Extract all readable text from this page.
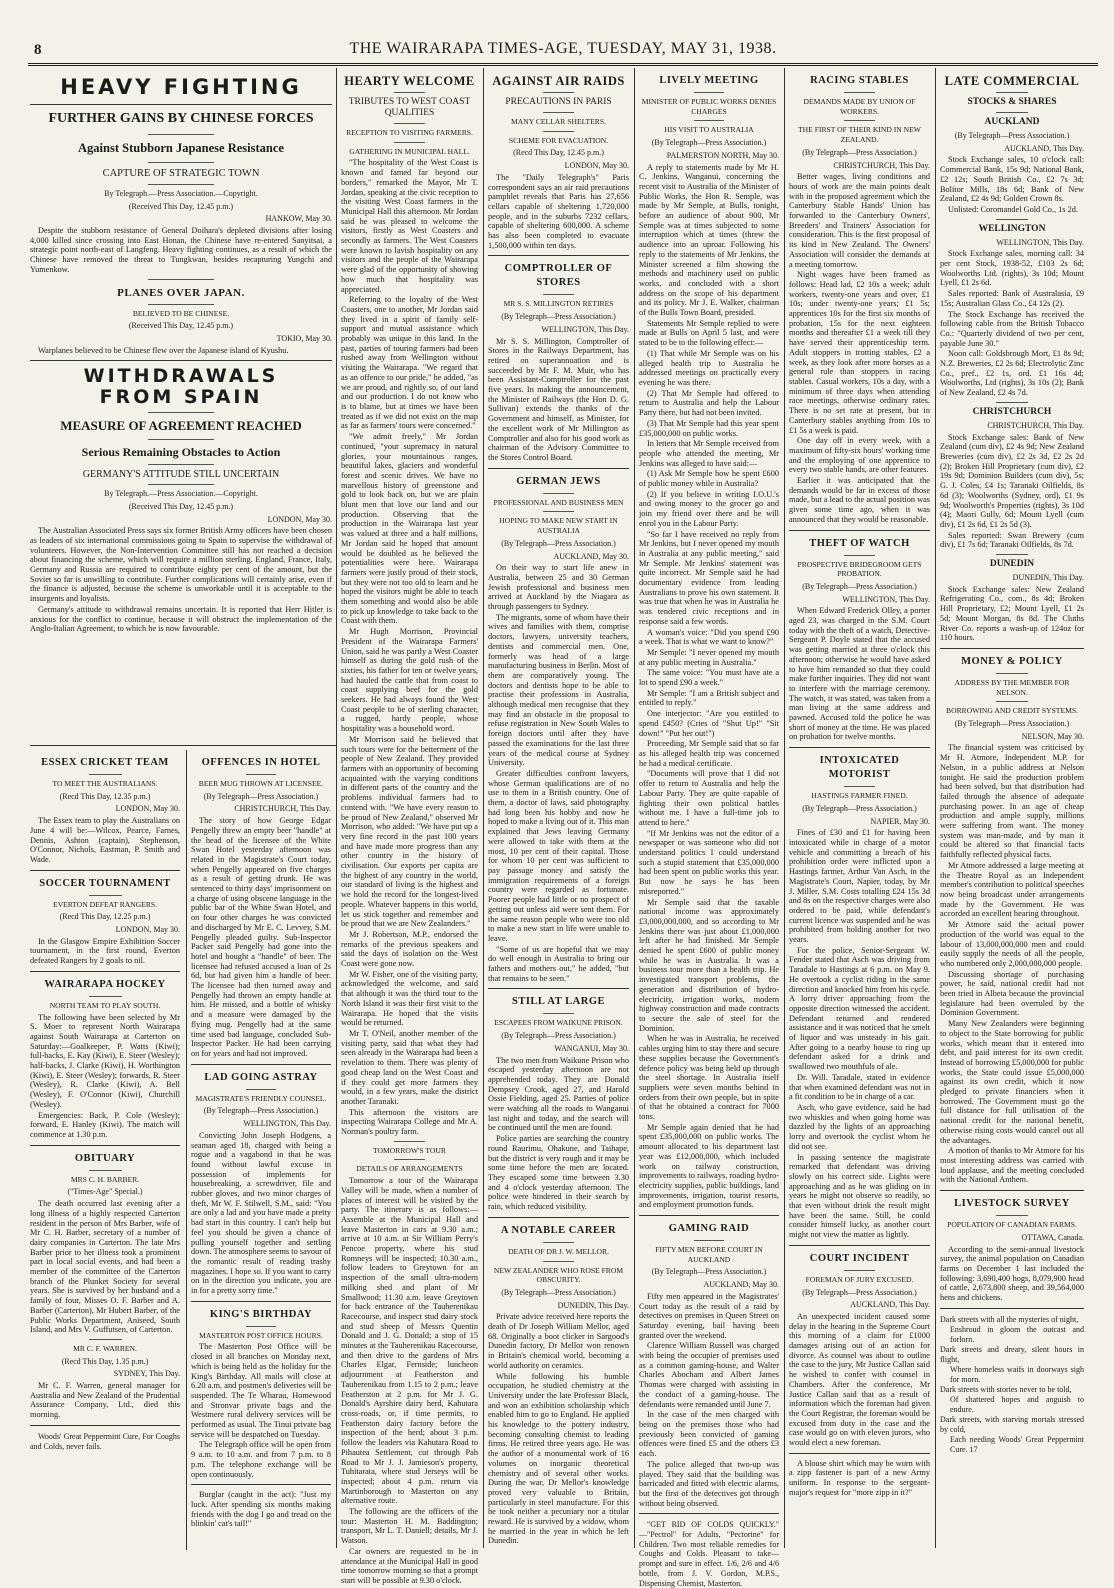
8	THE WAIRARAPA TIMES-AGE, TUESDAY, MAY 31, 1938.
HEAVY FIGHTING
FURTHER GAINS BY CHINESE FORCES
Against Stubborn Japanese Resistance
CAPTURE OF STRATEGIC TOWN
By Telegraph.—Press Association.—Copyright.

(Received This Day, 12.45 p.m.)

HANKOW, May 30.

Despite the stubborn resistance of General Doihara's depleted divisions after losing 4,000 killed since crossing into East Honan, the Chinese have re-entered Sanyitsai, a strategic point north-east of Langfeng. Heavy fighting continues, as a result of which the Chinese have removed the threat to Tungkwan, besides recapturing Yungchi and Yumenkow.

PLANES OVER JAPAN.
BELIEVED TO BE CHINESE.

(Received This Day, 12.45 p.m.)

TOKIO, May 30.

Warplanes believed to be Chinese flew over the Japanese island of Kyushu.

WITHDRAWALS FROM SPAIN
MEASURE OF AGREEMENT REACHED
Serious Remaining Obstacles to Action
GERMANY'S ATTITUDE STILL UNCERTAIN
By Telegraph.—Press Association.—Copyright.

(Received This Day, 12.45 p.m.)

LONDON, May 30.

The Australian Associated Press says six former British Army officers have been chosen as leaders of six international commissions going to Spain to supervise the withdrawal of volunteers. However, the Non-Intervention Committee still has not reached a decision about financing the scheme, which will require a million sterling. England, France, Italy, Germany and Russia are required to contribute eighty per cent of the amount, but the Soviet so far is unwilling to contribute. Further complications will certainly arise, even if the finance is adjusted, because the scheme is unworkable until it is acceptable to the insurgents and loyalists.

Germany's attitude to withdrawal remains uncertain. It is reported that Herr Hitler is anxious for the conflict to continue, because it will obstruct the implementation of the Anglo-Italian Agreement, to which he is now favourable.

ESSEX CRICKET TEAM
TO MEET THE AUSTRALIANS.

(Recd This Day, 12.35 p.m.)

LONDON, May 30.

The Essex team to play the Australians on June 4 will be:—Wilcox, Pearce, Farnes, Dennis, Ashton (captain), Stephenson, O'Connor, Nichols, Eastman, P. Smith and Wade.

SOCCER TOURNAMENT
EVERTON DEFEAT RANGERS.

(Recd This Day, 12.25 p.m.)

LONDON, May 30.

In the Glasgow Empire Exhibition Soccer tournament, in the first round, Everton defeated Rangers by 2 goals to nil.

WAIRARAPA HOCKEY
NORTH TEAM TO PLAY SOUTH.

The following have been selected by Mr S. Moer to represent North Wairarapa against South Wairarapa at Carterton on Saturday:—Goalkeeper, P. Watts (Kiwi); full-backs, E. Kay (Kiwi), E. Steer (Wesley); half-backs, J. Clarke (Kiwi), H. Worthington (Kiwi), E. Steer (Wesley); forwards, R. Steer (Wesley), R. Clarke (Kiwi), A. Bell (Wesley), F. O'Connor (Kiwi), Churchill (Wesley).

Emergencies: Back, P. Cole (Wesley); forward, E. Hanley (Kiwi). The match will commence at 1.30 p.m.

OBITUARY
MRS C. H. BARBER.

("Times-Age" Special.)

The death occurred last evening after a long illness of a highly respected Carterton resident in the person of Mrs Barber, wife of Mr C. H. Barber, secretary of a number of dairy companies in Carterton. The late Mrs Barber prior to her illness took a prominent part in local social events, and had been a member of the committee of the Carterton branch of the Plunket Society for several years. She is survived by her husband and a family of four, Misses O. F. Barber and A. Barber (Carterton), Mr Hubert Barber, of the Public Works Department, Aniseed, South Island, and Mrs V. Guffutsen, of Carterton.

MR C. F. WARREN.

(Recd This Day, 1.35 p.m.)

SYDNEY, This Day.

Mr C. F. Warren, general manager for Australia and New Zealand of the Prudential Assurance Company, Ltd., died this morning.

Woods' Great Peppermint Cure, For Coughs and Colds, never fails.

OFFENCES IN HOTEL
BEER MUG THROWN AT LICENSEE.

(By Telegraph—Press Association.)

CHRISTCHURCH, This Day.

The story of how George Edgar Pengelly threw an empty beer "handle" at the head of the licensee of the White Swan Hotel yesterday afternoon was related in the Magistrate's Court today, when Pengelly appeared on five charges as a result of getting drunk. He was sentenced to thirty days' imprisonment on a charge of using obscene language in the public bar of the White Swan Hotel, and on four other charges he was convicted and discharged by Mr E. C. Levvey, S.M. Pengelly pleaded guilty. Sub-Inspector Packer said Pengelly had gone into the hotel and bought a "handle" of beer. The licensee had refused accused a loan of 2s 6d, but had given him a handle of beer. The licensee had then turned away and Pengelly had thrown an empty handle at him. He missed, and a bottle of whisky and a measure were damaged by the flying mug. Pengelly had at the same time used bad language, concluded Sub-Inspector Packer. He had been carrying on for years and had not improved.

LAD GOING ASTRAY
MAGISTRATE'S FRIENDLY COUNSEL.

(By Telegraph—Press Association.)

WELLINGTON, This Day.

Convicting John Joseph Hodgens, a seaman aged 18, charged with being a rogue and a vagabond in that he was found without lawful excuse in possession of implements for housebreaking, a screwdriver, file and rubber gloves, and two minor charges of theft, Mr W. F. Stilwell, S.M., said: "You are only a lad and you have made a pretty bad start in this country. I can't help but feel you should be given a chance of pulling yourself together and settling down. The atmosphere seems to savour of the romantic result of reading trashy magazines. I hope so. If you want to carry on in the direction you indicate, you are in for a pretty sorry time."

KING'S BIRTHDAY
MASTERTON POST OFFICE HOURS.

The Masterton Post Office will be closed in all branches on Monday next, which is being held as the holiday for the King's Birthday. All mails will close at 6.20 a.m. and postmen's deliveries will be suspended. The Te Wharau, Homewood and Stronvar private bags and the Westmere rural delivery services will be performed as usual. The Tinui private bag service will be despatched on Tuesday.

The Telegraph office will be open from 9 a.m. to 10 a.m. and from 7 p.m. to 8 p.m. The telephone exchange will be open continuously.

Burglar (caught in the act): "Just my luck. After spending six months making friends with the dog I go and tread on the blinkin' cat's tail!"

HEARTY WELCOME
TRIBUTES TO WEST COAST QUALITIES
RECEPTION TO VISITING FARMERS.
GATHERING IN MUNICIPAL HALL.

"The hospitality of the West Coast is known and famed far beyond our borders," remarked the Mayor, Mr T. Jordan, speaking at the civic reception to the visiting West Coast farmers in the Municipal Hall this afternoon. Mr Jordan said he was pleased to welcome the visitors, firstly as West Coasters and secondly as farmers. The West Coasters were known to lavish hospitality on any visitors and the people of the Wairarapa were glad of the opportunity of showing how much that hospitality was appreciated.

Referring to the loyalty of the West Coasters, one to another, Mr Jordan said they lived in a spirit of family self-support and mutual assistance which probably was unique in this land. In the past, parties of touring farmers had been rushed away from Wellington without visiting the Wairarapa. "We regard that as an offence to our pride," he added, "as we are proud, and rightly so, of our land and our production. I do not know who is to blame, but at times we have been treated as if we did not exist on the map as far as farmers' tours were concerned."

"We admit freely," Mr Jordan continued, "your supremacy in natural glories, your mountainous ranges, beautiful lakes, glaciers and wonderful forest and scenic drives. We have no marvellous history of greenstone and gold to look back on, but we are plain blunt men that love our land and our production. Observing that the production in the Wairarapa last year was valued at three and a half millions, Mr Jordan said he hoped that amount would be doubled as he believed the potentialities were here. Wairarapa farmers were justly proud of their stock, but they were not too old to learn and he hoped the visitors might be able to teach them something and would also be able to pick up knowledge to take back to the Coast with them.

Mr Hugh Morrison, Provincial President of the Wairarapa Farmers' Union, said he was partly a West Coaster himself as during the gold rush of the sixties, his father for ten or twelve years, had hauled the cattle that from coast to coast supplying beef for the gold seekers. He had always found the West Coast people to be of sterling character, a rugged, hardy people, whose hospitality was a household word.

Mr Morrison said he believed that such tours were for the betterment of the people of New Zealand. They provided farmers with an opportunity of becoming acquainted with the varying conditions in different parts of the country and the problems individual farmers had to contend with. "We have every reason to be proud of New Zealand," observed Mr Morrison, who added: "We have put up a very fine record in the past 100 years and have made more progress than any other country in the history of civilisation. Our exports per capita are the highest of any country in the world, our standard of living is the highest and we hold the record for the longest-lived people. Whatever happens in this world, let us stick together and remember and be proud that we are New Zealanders."

Mr J. Robertson, M.P., endorsed the remarks of the previous speakers and said the days of isolation on the West Coast were gone now.

Mr W. Fisher, one of the visiting party, acknowledged the welcome, and said that although it was the third tour to the North Island it was their first visit to the Wairarapa. He hoped that the visits would be returned.

Mr T. O'Neil, another member of the visiting party, said that what they had seen already in the Wairarapa had been a revelation to them. There was plenty of good cheap land on the West Coast and if they could get more farmers they would, in a few years, make the district another Taranaki.

This afternoon the visitors are inspecting Wairarapa College and Mr A. Norman's poultry farm.

TOMORROW'S TOUR
DETAILS OF ARRANGEMENTS

Tomorrow a tour of the Wairarapa Valley will be made, when a number of places of interest will be visited by the party. The itinerary is as follows:—Assemble at the Municipal Hall and leave Masterton in cars at 9.30 a.m.; arrive at 10 a.m. at Sir William Perry's Pencoe property, where his stud Romneys will be inspected; 10.30 a.m., follow leaders to Greytown for an inspection of the small ultra-modern milking shed and plant of Mr Smallwood; 11.30 a.m. leave Greytown for back entrance of the Tauherenikau Racecourse, and inspect stud dairy stock and stud sheep of Messrs Quentin Donald and J. G. Donald; a stop of 15 minutes at the Tauherenikau Racecourse, and then drive to the gardens of Mrs Charles Elgar, Fernside; luncheon adjournment at Featherston and Tauherenikau from 1.15 to 2 p.m.; leave Featherston at 2 p.m. for Mr J. G. Donald's Ayrshire dairy herd, Kahutara cross-roads, or, if time permits, to Featherston dairy factory before the inspection of the herd; about 3 p.m. follow the leaders via Kahutara Road to Pihautea Settlement, cut through Pah Road to Mr J. J. Jamieson's property, Tuhitarata, where stud Jerseys will be inspected; about 4 p.m. return via Martinborough to Masterton on any alternative route.

The following are the officers of the tour: Masterton H. M. Baddington; transport, Mr L. T. Daniell; details, Mr J. Watson.

Car owners are requested to be in attendance at the Municipal Hall in good time tomorrow morning so that a prompt start will be possible at 9.30 o'clock.

AGAINST AIR RAIDS
PRECAUTIONS IN PARIS
MANY CELLAR SHELTERS.
SCHEME FOR EVACUATION.

(Recd This Day, 12.45 p.m.)

LONDON, May 30.

The "Daily Telegraph's" Paris correspondent says an air raid precautions pamphlet reveals that Paris has 27,656 cellars capable of sheltering 1,720,000 people, and in the suburbs 7232 cellars, capable of sheltering 600,000. A scheme has also been completed to evacuate 1,500,000 within ten days.

COMPTROLLER OF STORES
MR S. S. MILLINGTON RETIRES

(By Telegraph—Press Association.)

WELLINGTON, This Day.

Mr S. S. Millington, Comptroller of Stores in the Railways Department, has retired on superannuation and is succeeded by Mr F. M. Muir, who has been Assistant-Comptroller for the past five years. In making the announcement, the Minister of Railways (the Hon D. G. Sullivan) extends the thanks of the Government and himself, as Minister, for the excellent work of Mr Millington as Comptroller and also for his good work as chairman of the Advisory Committee to the Stores Control Board.

GERMAN JEWS
PROFESSIONAL AND BUSINESS MEN
HOPING TO MAKE NEW START IN AUSTRALIA

(By Telegraph—Press Association.)

AUCKLAND, May 30.

On their way to start life anew in Australia, between 25 and 30 German Jewish professional and business men arrived at Auckland by the Niagara as through passengers to Sydney.

The migrants, some of whom have their wives and families with them, comprise doctors, lawyers, university teachers, dentists and commercial men. One, formerly was head of a large manufacturing business in Berlin. Most of them are comparatively young. The doctors and dentists hope to be able to practise their professions in Australia, although medical men recognise that they may find an obstacle in the proposal to refuse registration in New South Wales to foreign doctors until after they have passed the examinations for the last three years of the medical course at Sydney University.

Greater difficulties confront lawyers, whose German qualifications are of no use to them in a British country. One of them, a doctor of laws, said photography had long been his hobby and now he hoped to make a living out of it. This man explained that Jews leaving Germany were allowed to take with them at the most, 10 per cent of their capital. Those for whom 10 per cent was sufficient to pay passage money and satisfy the immigration requirements of a foreign country were regarded as fortunate. Poorer people had little or no prospect of getting out unless aid were sent them. For the same reason people who were too old to make a new start in life were unable to leave.

"Some of us are hopeful that we may do well enough in Australia to bring our fathers and mothers out," he added, "but that remains to be seen."

STILL AT LARGE
ESCAPEES FROM WAIKUNE PRISON.

(By Telegraph—Press Association.)

WANGANUI, May 30.

The two men from Waikune Prison who escaped yesterday afternoon are not apprehended today. They are Donald Dempsey Crook, aged 27, and Harold Ossie Fielding, aged 25. Parties of police were watching all the roads to Wanganui last night and today, and the search will be continued until the men are found.

Police parties are searching the country round Raurimu, Ohakune, and Taihape, but the district is very rough and it may be some time before the men are located. They escaped some time between 3.30 and 4 o'clock yesterday afternoon. The police were hindered in their search by rain, which reduced visibility.

A NOTABLE CAREER
DEATH OF DR J. W. MELLOR.
NEW ZEALANDER WHO ROSE FROM OBSCURITY.

(By Telegraph—Press Association.)

DUNEDIN, This Day.

Private advice received here reports the death of Dr Joseph William Mellor, aged 68. Originally a boot clicker in Sargood's Dunedin factory, Dr Mellor won renown in Britain's chemical world, becoming a world authority on ceramics.

While following his humble occupation, he studied chemistry at the University under the late Professor Black, and won an exhibition scholarship which enabled him to go to England. He applied his knowledge to the pottery industry, becoming consulting chemist to leading firms. He retired three years ago. He was the author of a monumental work of 16 volumes on inorganic theoretical chemistry and of several other works. During the war, Dr Mellor's knowledge proved very valuable to Britain, particularly in steel manufacture. For this he took neither a pecuniary nor a titular reward. He is survived by a widow, whom he married in the year in which he left Dunedin.

LIVELY MEETING
MINISTER OF PUBLIC WORKS DENIES CHARGES
HIS VISIT TO AUSTRALIA

(By Telegraph—Press Association.)

PALMERSTON NORTH, May 30.

A reply to statements made by Mr H. C. Jenkins, Wanganui, concerning the recent visit to Australia of the Minister of Public Works, the Hon R. Semple, was made by Mr Semple, at Bulls, tonight, before an audience of about 900, Mr Semple was at times subjected to some interruption which at times (threw the audience into an uproar. Following his reply to the statements of Mr Jenkins, the Minister screened a film showing the methods and machinery used on public works, and concluded with a short address on the scope of his department and its policy. Mr J. E. Walker, chairman of the Bulls Town Board, presided.

Statements Mr Semple replied to were made at Bulls on April 5 last, and were stated to be to the following effect:—

(1) That while Mr Semple was on his alleged health trip to Australia he addressed meetings on practically every evening he was there.

(2) That Mr Semple had offered to return to Australia and help the Labour Party there, but had not been invited.

(3) That Mr Semple had this year spent £35,000,000 on public works.

In letters that Mr Semple received from people who attended the meeting, Mr Jenkins was alleged to have said:—

(1) Ask Mr Semple how he spent £600 of public money while in Australia?

(2) If you believe in writing I.O.U.'s and owing money to the grocer go and join my friend over there and he will enrol you in the Labour Party.

"So far I have received no reply from Mr Jenkins, but I never opened my mouth in Australia at any public meeting," said Mr Semple. Mr Jenkins' statement was quite incorrect. Mr Semple said he had documentary evidence from leading Australians to prove his own statement. It was true that when he was in Australia he was tendered civic receptions and in response said a few words.

A woman's voice: "Did you spend £90 a week. That is what we want to know?"

Mr Semple: "I never opened my mouth at any public meeting in Australia."

The same voice: "You must have ate a lot to spend £90 a week."

Mr Semple: "I am a British subject and entitled to reply."

One interjector: "Are you entitled to spend £450? (Cries of "Shut Up!" "Sit down!" "Put her out!")

Proceeding, Mr Semple said that so far as his alleged health trip was concerned he had a medical certificate.

"Documents will prove that I did not offer to return to Australia and help the Labour Party. They are quite capable of fighting their own political battles without me. I have a full-time job to attend to here."

"If Mr Jenkins was not the editor of a newspaper or was someone who did not understand politics I could understand such a stupid statement that £35,000,000 had been spent on public works this year. But now he says he has been misreported."

Mr Semple said that the taxable national income was approximately £3,000,000,000, and so according to Mr Jenkins there was just about £1,000,000 left after he had finished. Mr Semple denied he spent £600 of public money while he was in Australia. It was a business tour more than a health trip. He investigated transport problems, the generation and distribution of hydro-electricity, irrigation works, modern highway construction and made contracts to secure the sale of steel for the Dominion.

When he was in Australia, he received cables urging him to stay there and secure these supplies because the Government's defence policy was being held up through the steel shortage. In Australia itself suppliers were seven months behind in orders from their own people, but in spite of that he obtained a contract for 7000 tons.

Mr Semple again denied that he had spent £35,000,000 on public works. The amount allocated to his department last year was £12,000,000, which included work on railway construction, improvements to railways, roading hydro-electricity supplies, public buildings, land improvements, irrigation, tourist resorts, and employment promotion funds.

GAMING RAID
FIFTY MEN BEFORE COURT IN AUCKLAND

(By Telegraph—Press Association.)

AUCKLAND, May 30.

Fifty men appeared in the Magistrates' Court today as the result of a raid by detectives on premises in Queen Street on Saturday evening, bail having been granted over the weekend.

Clarence William Russell was charged with being the occupier of premises used as a common gaming-house, and Walter Charles Abocham and Albert James Thomas were charged with assisting in the conduct of a gaming-house. The defendants were remanded until June 7.

In the case of the men charged with being on the premises those who had previously been convicted of gaming offences were fined £5 and the others £3 each.

The police alleged that two-up was played. They said that the building was barricaded and fitted with electric alarms, but the first of the detectives got through without being observed.

"GET RID OF COLDS QUICKLY." —"Pectrol" for Adults, "Pectorine" for Children. Two most reliable remedies for Coughs and Colds. Pleasant to take—prompt and sure in effect. 1/6, 2/6 and 4/6 bottle, from J. V. Gordon, M.P.S., Dispensing Chemist, Masterton.

RACING STABLES
DEMANDS MADE BY UNION OF WORKERS.
THE FIRST OF THEIR KIND IN NEW ZEALAND.

(By Telegraph—Press Association.)

CHRISTCHURCH, This Day.

Better wages, living conditions and hours of work are the main points dealt with in the proposed agreement which the Canterbury Stable Hands' Union has forwarded to the Canterbury Owners', Breeders' and Trainers' Association for consideration. This is the first proposal of its kind in New Zealand. The Owners' Association will consider the demands at a meeting tomorrow.

Night wages have been framed as follows: Head lad, £2 10s a week; adult workers, twenty-one years and over, £1 10s; under twenty-one years; £1 5s; apprentices 10s for the first six months of probation, 15s for the next eighteen months and thereafter £1 a week till they have served their apprenticeship term. Adult stoppers in trotting stables, £2 a week, as they look after more horses as a general rule than stoppers in racing stables. Casual workers, 10s a day, with a minimum of three days when attending race meetings, otherwise ordinary rates. There is no set rate at present, but in Canterbury stables anything from 10s to £1 5s a week is paid.

One day off in every week, with a maximum of fifty-six hours' working time and the employing of one apprentice to every two stable hands, are other features.

Earlier it was anticipated that the demands would be far in excess of those made, but a lead to the actual position was given some time ago, when it was announced that they would be reasonable.

THEFT OF WATCH
PROSPECTIVE BRIDEGROOM GETS PROBATION.

(By Telegraph—Press Association.)

WELLINGTON, This Day.

When Edward Frederick Olley, a porter aged 23, was charged in the S.M. Court today with the theft of a watch, Detective-Sergeant P. Doyle stated that the accused was getting married at three o'clock this afternoon; otherwise he would have asked to have him remanded so that they could make further inquiries. They did not want to interfere with the marriage ceremony. The watch, it was stated, was taken from a man living at the same address and pawned. Accused told the police he was short of money at the time. He was placed on probation for twelve months.

INTOXICATED MOTORIST
HASTINGS FARMER FINED.

(By Telegraph—Press Association.)

NAPIER, May 30.

Fines of £30 and £1 for having been intoxicated while in charge of a motor vehicle and committing a breach of his prohibition order were inflicted upon a Hastings farmer, Arthur Van Asch, in the Magistrate's Court, Napier, today, by Mr J. Miller, S.M. Costs totalling £24 15s 3d and 8s on the respective charges were also ordered to be paid, while defendant's current licence was suspended and he was prohibited from holding another for two years.

For the police, Senior-Sergeant W. Fender stated that Asch was driving from Taradale to Hastings at 6 p.m. on May 9. He overtook a cyclist riding in the same direction and knocked him from his cycle. A lorry driver approaching from the opposite direction witnessed the accident. Defendant returned and rendered assistance and it was noticed that he smelt of liquor and was unsteady in his gait. After going to a nearby house to ring up defendant asked for a drink and swallowed two mouthfuls of ale.

Dr. Will. Taradale, stated in evidence that when examined defendant was not in a fit condition to be in charge of a car.

Asch, who gave evidence, said he had two whiskies and when going home was dazzled by the lights of an approaching lorry and overtook the cyclist whom he did not see.

In passing sentence the magistrate remarked that defendant was driving slowly on his correct side. Lights were approaching and as he was gliding on in years he might not observe so readily, so that even without drink the result might have been the same. Still, he could consider himself lucky, as another court might not view the matter as lightly.

COURT INCIDENT
FOREMAN OF JURY EXCUSED.

(By Telegraph—Press Association.)

AUCKLAND, This Day.

An unexpected incident caused some delay in the hearing in the Supreme Court this morning of a claim for £1000 damages arising out of an action for divorce. As counsel was about to outline the case to the jury, Mr Justice Callan said he wished to confer with counsel in Chambers. After the conference, Mr Justice Callan said that as a result of information which the foreman had given the Court Registrar, the foreman would be excused from duty in the case and the case would go on with eleven jurors, who would elect a new foreman.

A blouse shirt which may be worn with a zipp fastener is part of a new Army uniform. In response to the sergeant-major's request for "more zipp in it?"

LATE COMMERCIAL
STOCKS & SHARES
AUCKLAND

(By Telegraph—Press Association.)

AUCKLAND, This Day.

Stock Exchange sales, 10 o'clock call: Commercial Bank, 15s 9d; National Bank, £2 12s; South British Co., £2 7s 3d; Bolitor Mills, 18s 6d; Bank of New Zealand, £2 4s 9d; Golden Crown 8s.

Unlisted: Coromandel Gold Co., 1s 2d.

WELLINGTON

WELLINGTON, This Day.

Stock Exchange sales, morning call: 34 per cent Stock, 1938-52, £103 2s 6d; Woolworths Ltd. (rights), 3s 10d; Mount Lyell, £1 2s 6d.

Sales reported: Bank of Australasia, £9 15s; Australian Glass Co., £4 12s (2).

The Stock Exchange has received the following cable from the British Tobacco Co.: "Quarterly dividend of two per cent, payable June 30."

Noon call: Goldsbrough Mort, £1 8s 9d; N.Z. Breweries, £2 2s 6d; Electrolytic Zinc Co., pref., £2 1s, ord. £1 16s 4d; Woolworths, Ltd (rights), 3s 10s (2); Bank of New Zealand, £2 4s 7d.

CHRISTCHURCH

CHRISTCHURCH, This Day.

Stock Exchange sales: Bank of New Zealand (cum div), £2 4s 9d; New Zealand Breweries (cum div), £2 2s 3d, £2 2s 2d (2); Broken Hill Proprietary (cum div), £2 19s 9d; Dominion Builders (cum div), 5s; G. J. Coles, £4 1s; Taranaki Oilfields, 8s 6d (3); Woolworths (Sydney, ord), £1 9s 9d; Woolworth's Properties (rights), 3s 10d (4); Maori Gully, 6d; Mount Lyell (cum div), £1 2s 6d, £1 2s 5d (3).

Sales reported: Swan Brewery (cum div), £1 7s 6d; Taranaki Oilfields, 8s 7d.

DUNEDIN

DUNEDIN, This Day.

Stock Exchange sales: New Zealand Refrigerating Co., com., 8s 4d; Broken Hill Proprietary, £2; Mount Lyell, £1 2s 5d; Mount Morgan, 8s 8d. The Cluths River Co. reports a wash-up of 124oz for 110 hours.

MONEY & POLICY
ADDRESS BY THE MEMBER FOR NELSON.
BORROWING AND CREDIT SYSTEMS.

(By Telegraph—Press Association.)

NELSON, May 30.

The financial system was criticised by Mr H. Atmore, Independent M.P. for Nelson, in a public address at Nelson tonight. He said the production problem had been solved, but that distribution had failed through the absence of adequate purchasing power. In an age of cheap production and ample supply, millions were suffering from want. The money system was man-made, and by man it could be altered so that financial facts faithfully reflected physical facts.

Mr Atmore addressed a large meeting at the Theatre Royal as an Independent member's contribution to political speeches now being broadcast under arrangements made by the Government. He was accorded an excellent hearing throughout.

Mr Atmore said the actual power production of the world was equal to the labour of 13,000,000,000 men and could easily supply the needs of all the people, who numbered only 2,000,000,000 people.

Discussing shortage of purchasing power, he said, national credit had not been tried in Albeta because the provincial legislature had been overruled by the Dominion Government.

Many New Zealanders were beginning to object to the State borrowing for public works, which meant that it entered into debt, and paid interest for its own credit. Instead of borrowing £5,000,000 for public works, the State could issue £5,000,000 against its own credit, which it now pledged to private financiers when it borrowed. The Government must go the full distance for full utilisation of the national credit for the national benefit, otherwise rising costs would cancel out all the advantages.

A motion of thanks to Mr Atmore for his most interesting address was carried with loud applause, and the meeting concluded with the National Anthem.

LIVESTOCK SURVEY
POPULATION OF CANADIAN FARMS.

OTTAWA, Canada.

According to the semi-annual livestock survey, the animal population on Canadian farms on December 1 last included the following: 3,690,400 hogs, 8,079,900 head of cattle, 2,673,800 sheep, and 39,564,000 hens and chickens.

Dark streets with all the mysteries of night,
Enshroud in gloom the outcast and forlorn.
Dark streets and dreary, silent hours in flight,
Where homeless waifs in doorways sigh for morn.
Dark streets with stories never to be told,
Of shattered hopes and anguish to endure.
Dark streets, with starving mortals stressed by cold,
Each needing Woods' Great Peppermint Cure. 17
